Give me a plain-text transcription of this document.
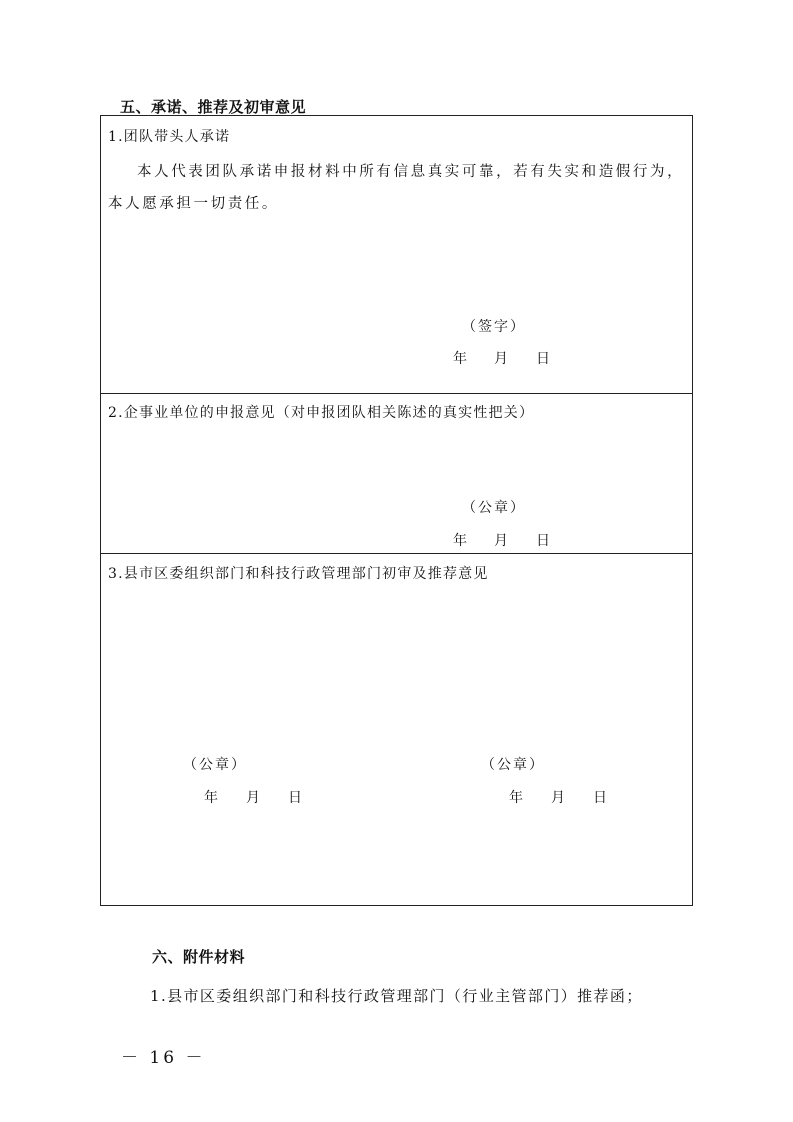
五、承诺、推荐及初审意见
1.团队带头人承诺
本人代表团队承诺申报材料中所有信息真实可靠，若有失实和造假行为，本人愿承担一切责任。
（签字）
年 月 日
2.企事业单位的申报意见（对申报团队相关陈述的真实性把关）
（公章）
年 月 日
3.县市区委组织部门和科技行政管理部门初审及推荐意见
（公章）
年 月 日
（公章）
年 月 日
六、附件材料
1.县市区委组织部门和科技行政管理部门（行业主管部门）推荐函；
－ 16 －
